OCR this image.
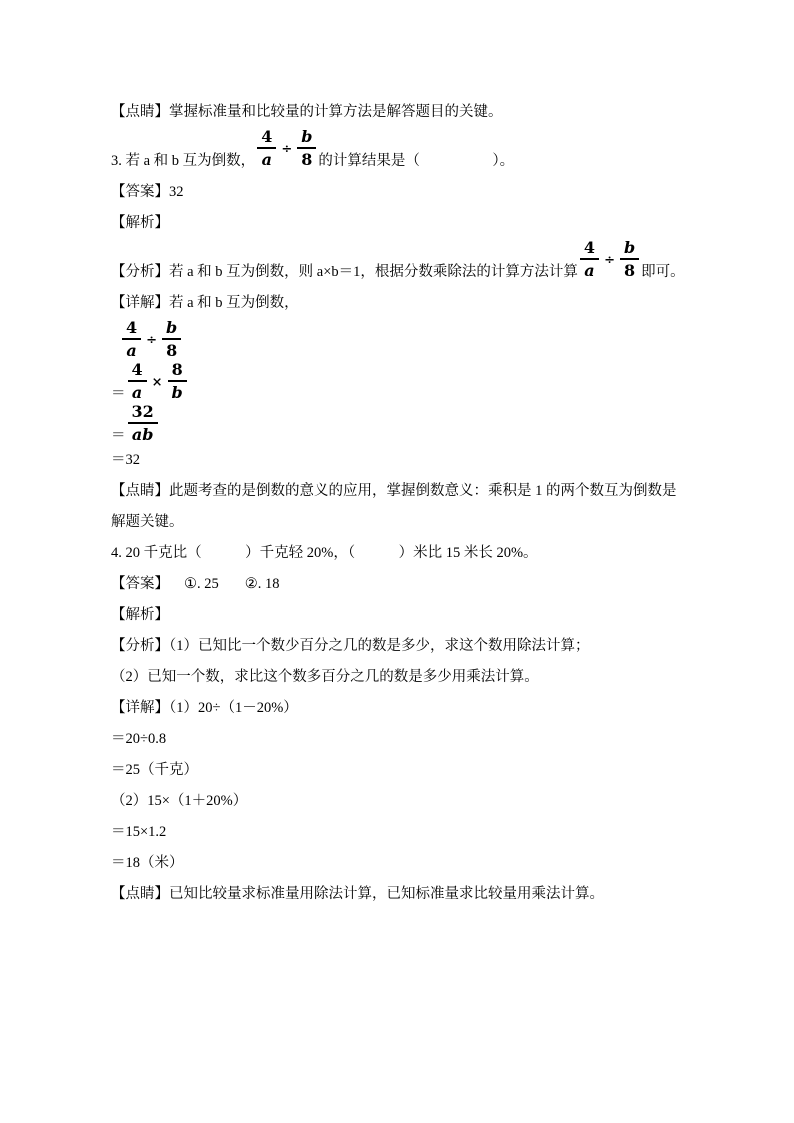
【点睛】掌握标准量和比较量的计算方法是解答题目的关键。

3. 若 a 和 b 互为倒数， $\frac{4}{a} \div \frac{b}{8}$ 的计算结果是（　　　　　）。

【答案】32

【解析】

【分析】若 a 和 b 互为倒数，则 a×b＝1，根据分数乘除法的计算方法计算 $\frac{4}{a} \div \frac{b}{8}$ 即可。

【详解】若 a 和 b 互为倒数，

$\frac{4}{a} \div \frac{b}{8}$

＝ $\frac{4}{a} \times \frac{8}{b}$

＝ $\frac{32}{ab}$

＝32

【点睛】此题考查的是倒数的意义的应用，掌握倒数意义：乘积是 1 的两个数互为倒数是

解题关键。

4. 20 千克比（　　　）千克轻 20%，（　　　）米比 15 米长 20%。

【答案】 ①. 25 ②. 18

【解析】

【分析】（1）已知比一个数少百分之几的数是多少，求这个数用除法计算；

（2）已知一个数，求比这个数多百分之几的数是多少用乘法计算。

【详解】（1）20÷（1－20%）

＝20÷0.8

＝25（千克）

（2）15×（1＋20%）

＝15×1.2

＝18（米）

【点睛】已知比较量求标准量用除法计算，已知标准量求比较量用乘法计算。
